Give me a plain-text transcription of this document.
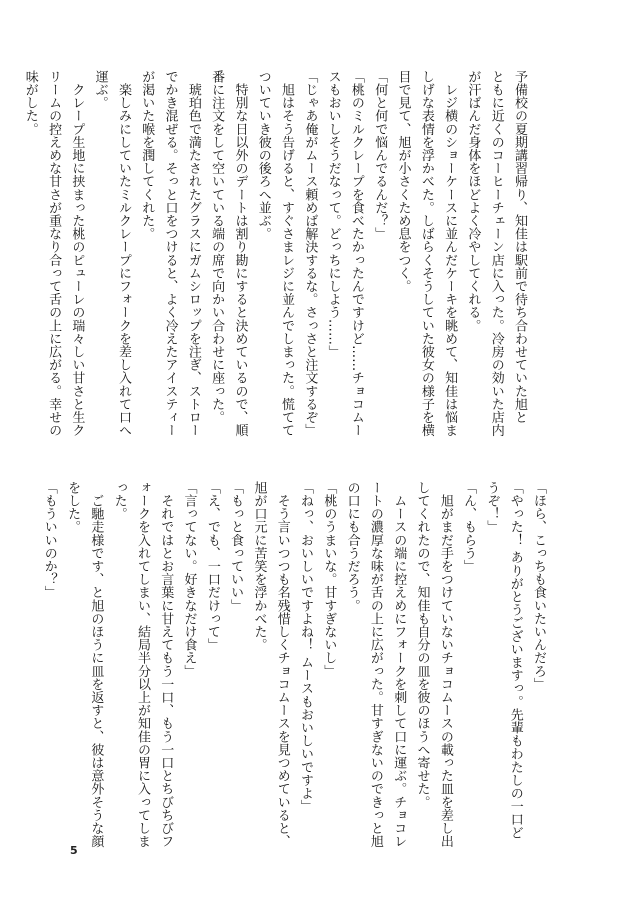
予備校の夏期講習帰り、知佳は駅前で待ち合わせていた旭と

ともに近くのコーヒーチェーン店に入った。冷房の効いた店内

が汗ばんだ身体をほどよく冷やしてくれる。

　レジ横のショーケースに並んだケーキを眺めて、知佳は悩ま

しげな表情を浮かべた。しばらくそうしていた彼女の様子を横

目で見て、旭が小さくため息をつく。

「何と何で悩んでるんだ？」

「桃のミルクレープを食べたかったんですけど……チョコムー

スもおいしそうだなって。どっちにしよう……」

「じゃあ俺がムース頼めば解決するな。さっさと注文するぞ」

　旭はそう告げると、すぐさまレジに並んでしまった。慌てて

ついていき彼の後ろへ並ぶ。

　特別な日以外のデートは割り勘にすると決めているので、順

番に注文をして空いている端の席で向かい合わせに座った。

　琥珀色で満たされたグラスにガムシロップを注ぎ、ストロー

でかき混ぜる。そっと口をつけると、よく冷えたアイスティー

が渇いた喉を潤してくれた。

　楽しみにしていたミルクレープにフォークを差し入れて口へ

運ぶ。

　クレープ生地に挟まった桃のピューレの瑞々しい甘さと生ク

リームの控えめな甘さが重なり合って舌の上に広がる。幸せの

味がした。

「ほら、こっちも食いたいんだろ」

「やった！ ありがとうございますっ。先輩もわたしの一口ど

うぞ！」

「ん、もらう」

　旭がまだ手をつけていないチョコムースの載った皿を差し出

してくれたので、知佳も自分の皿を彼のほうへ寄せた。

　ムースの端に控えめにフォークを刺して口に運ぶ。チョコレ

ートの濃厚な味が舌の上に広がった。甘すぎないのできっと旭

の口にも合うだろう。

「桃のうまいな。甘すぎないし」

「ねっ、おいしいですよね！ ムースもおいしいですよ」

　そう言いつつも名残惜しくチョコムースを見つめていると、

旭が口元に苦笑を浮かべた。

「もっと食っていい」

「え、でも、一口だけって」

「言ってない。好きなだけ食え」

　それではとお言葉に甘えてもう一口、もう一口とちびちびフ

ォークを入れてしまい、結局半分以上が知佳の胃に入ってしま

った。

　ご馳走様です、と旭のほうに皿を返すと、彼は意外そうな顔

をした。

「もういいのか？」

5
